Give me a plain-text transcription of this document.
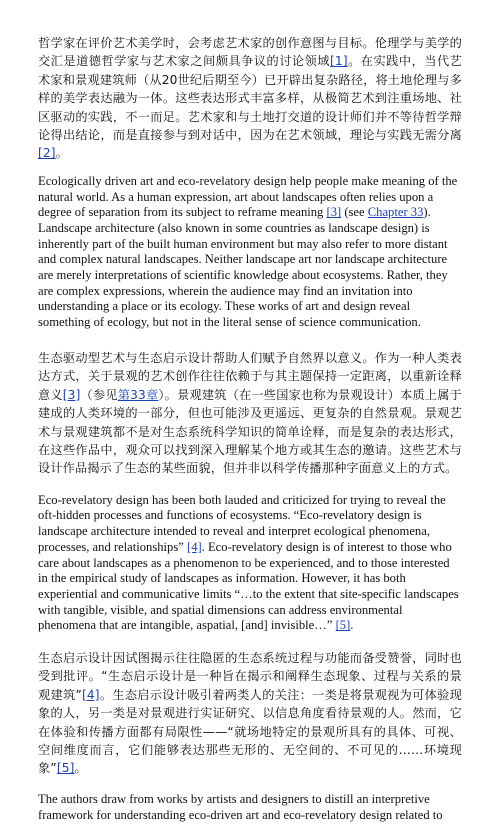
哲学家在评价艺术美学时，会考虑艺术家的创作意图与目标。伦理学与美学的交汇是道德哲学家与艺术家之间颇具争议的讨论领域[1]。在实践中，当代艺术家和景观建筑师（从20世纪后期至今）已开辟出复杂路径，将土地伦理与多样的美学表达融为一体。这些表达形式丰富多样，从极简艺术到注重场地、社区驱动的实践，不一而足。艺术家和与土地打交道的设计师们并不等待哲学辩论得出结论，而是直接参与到对话中，因为在艺术领域，理论与实践无需分离[2]。

Ecologically driven art and eco-revelatory design help people make meaning of the natural world. As a human expression, art about landscapes often relies upon a degree of separation from its subject to reframe meaning [3] (see Chapter 33). Landscape architecture (also known in some countries as landscape design) is inherently part of the built human environment but may also refer to more distant and complex natural landscapes. Neither landscape art nor landscape architecture are merely interpretations of scientific knowledge about ecosystems. Rather, they are complex expressions, wherein the audience may find an invitation into understanding a place or its ecology. These works of art and design reveal something of ecology, but not in the literal sense of science communication.

生态驱动型艺术与生态启示设计帮助人们赋予自然界以意义。作为一种人类表达方式，关于景观的艺术创作往往依赖于与其主题保持一定距离，以重新诠释意义[3]（参见第33章）。景观建筑（在一些国家也称为景观设计）本质上属于建成的人类环境的一部分，但也可能涉及更遥远、更复杂的自然景观。景观艺术与景观建筑都不是对生态系统科学知识的简单诠释，而是复杂的表达形式，在这些作品中，观众可以找到深入理解某个地方或其生态的邀请。这些艺术与设计作品揭示了生态的某些面貌，但并非以科学传播那种字面意义上的方式。

Eco-revelatory design has been both lauded and criticized for trying to reveal the oft-hidden processes and functions of ecosystems. “Eco-revelatory design is landscape architecture intended to reveal and interpret ecological phenomena, processes, and relationships” [4]. Eco-revelatory design is of interest to those who care about landscapes as a phenomenon to be experienced, and to those interested in the empirical study of landscapes as information. However, it has both experiential and communicative limits “…to the extent that site-specific landscapes with tangible, visible, and spatial dimensions can address environmental phenomena that are intangible, aspatial, [and] invisible…” [5].

生态启示设计因试图揭示往往隐匿的生态系统过程与功能而备受赞誉，同时也受到批评。“生态启示设计是一种旨在揭示和阐释生态现象、过程与关系的景观建筑”[4]。生态启示设计吸引着两类人的关注：一类是将景观视为可体验现象的人，另一类是对景观进行实证研究、以信息角度看待景观的人。然而，它在体验和传播方面都有局限性——“就场地特定的景观所具有的具体、可视、空间维度而言，它们能够表达那些无形的、无空间的、不可见的……环境现象”[5]。

The authors draw from works by artists and designers to distill an interpretive framework for understanding eco-driven art and eco-revelatory design related to
